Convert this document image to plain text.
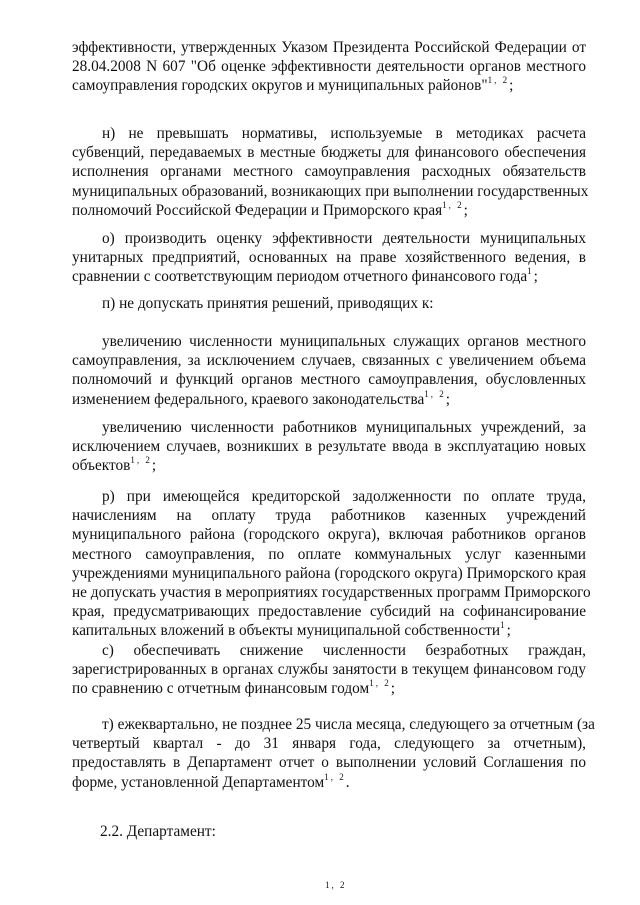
эффективности, утвержденных Указом Президента Российской Федерации от
28.04.2008 N 607 "Об оценке эффективности деятельности органов местного
самоуправления городских округов и муниципальных районов"$^{1, 2}$;
н) не превышать нормативы, используемые в методиках расчета
субвенций, передаваемых в местные бюджеты для финансового обеспечения
исполнения органами местного самоуправления расходных обязательств
муниципальных образований, возникающих при выполнении государственных
полномочий Российской Федерации и Приморского края$^{1, 2}$;
о) производить оценку эффективности деятельности муниципальных
унитарных предприятий, основанных на праве хозяйственного ведения, в
сравнении с соответствующим периодом отчетного финансового года$^1$;
п) не допускать принятия решений, приводящих к:
увеличению численности муниципальных служащих органов местного
самоуправления, за исключением случаев, связанных с увеличением объема
полномочий и функций органов местного самоуправления, обусловленных
изменением федерального, краевого законодательства$^{1, 2}$;
увеличению численности работников муниципальных учреждений, за
исключением случаев, возникших в результате ввода в эксплуатацию новых
объектов$^{1, 2}$;
р) при имеющейся кредиторской задолженности по оплате труда,
начислениям на оплату труда работников казенных учреждений
муниципального района (городского округа), включая работников органов
местного самоуправления, по оплате коммунальных услуг казенными
учреждениями муниципального района (городского округа) Приморского края
не допускать участия в мероприятиях государственных программ Приморского
края, предусматривающих предоставление субсидий на софинансирование
капитальных вложений в объекты муниципальной собственности$^1$;
с) обеспечивать снижение численности безработных граждан,
зарегистрированных в органах службы занятости в текущем финансовом году
по сравнению с отчетным финансовым годом$^{1, 2}$;
т) ежеквартально, не позднее 25 числа месяца, следующего за отчетным (за
четвертый квартал - до 31 января года, следующего за отчетным),
предоставлять в Департамент отчет о выполнении условий Соглашения по
форме, установленной Департаментом$^{1, 2}$.

2.2. Департамент:

1, 2
